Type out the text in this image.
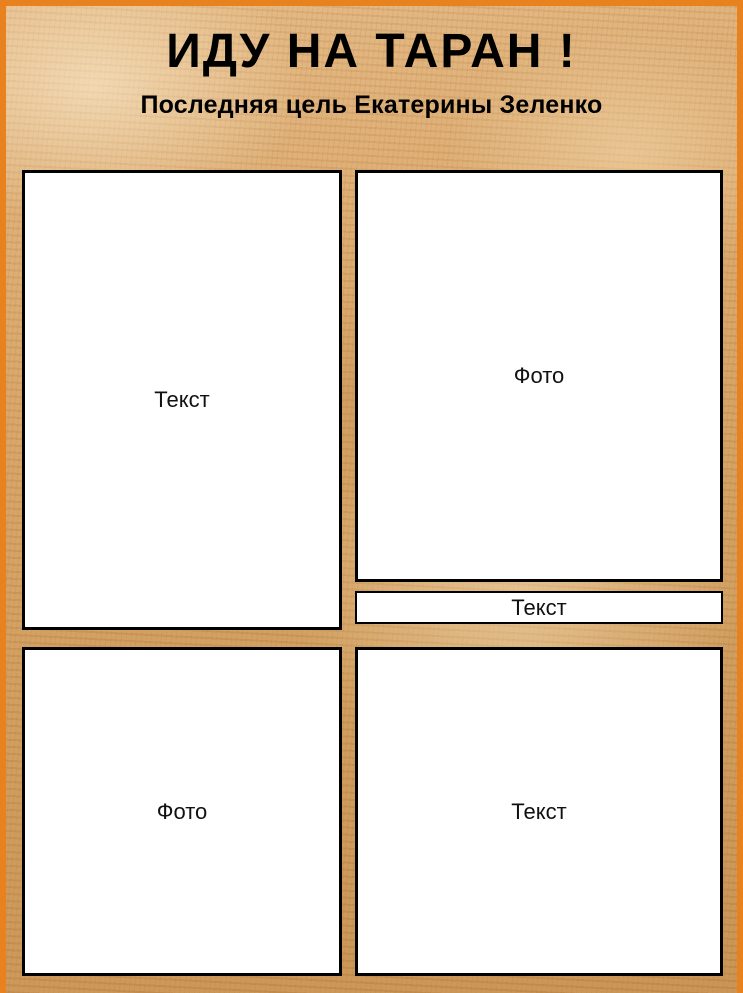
ИДУ НА ТАРАН !
Последняя цель Екатерины Зеленко
Текст
Фото
Текст
Фото	Текст
